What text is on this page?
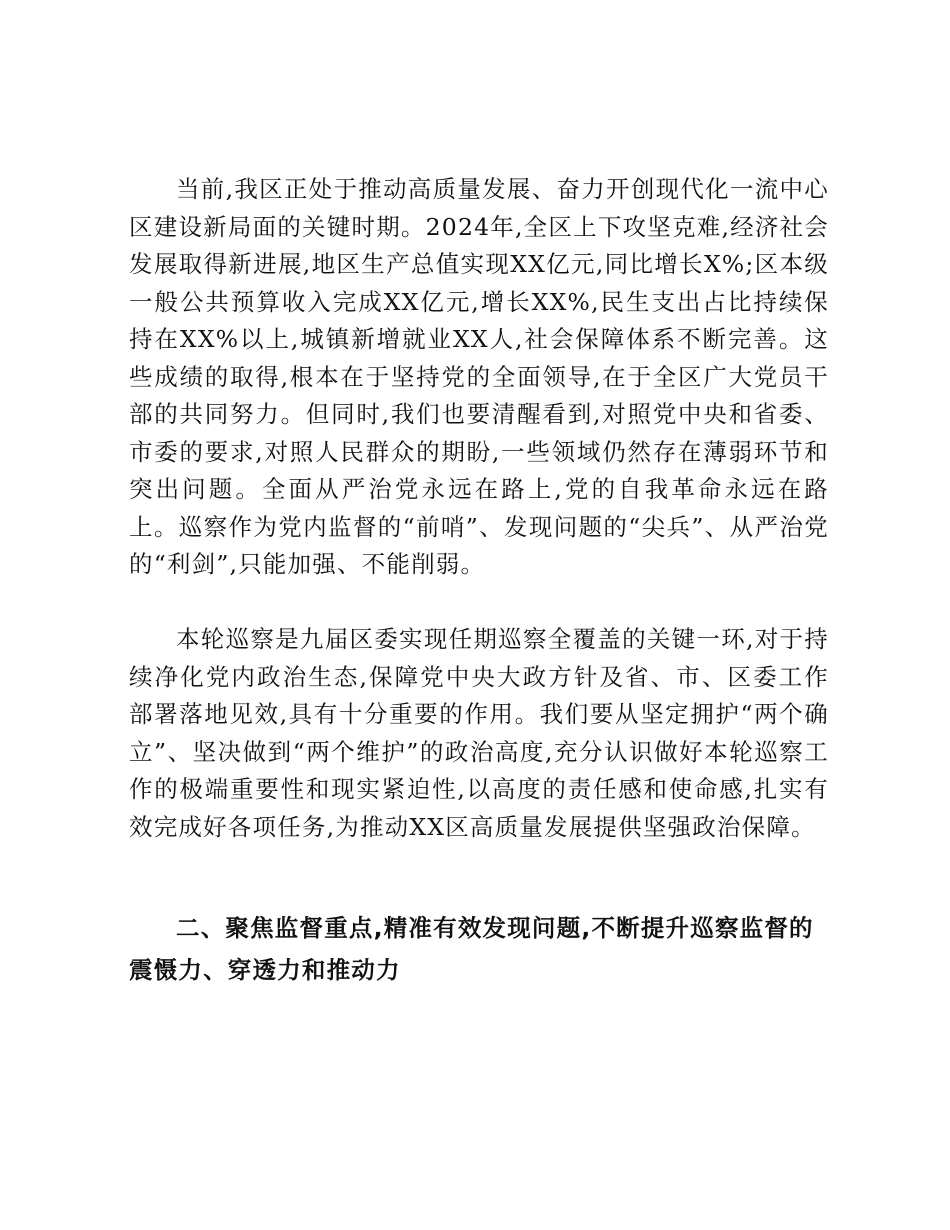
当前,我区正处于推动高质量发展、奋力开创现代化一流中心区建设新局面的关键时期。2024年,全区上下攻坚克难,经济社会发展取得新进展,地区生产总值实现XX亿元,同比增长X%;区本级一般公共预算收入完成XX亿元,增长XX%,民生支出占比持续保持在XX%以上,城镇新增就业XX人,社会保障体系不断完善。这些成绩的取得,根本在于坚持党的全面领导,在于全区广大党员干部的共同努力。但同时,我们也要清醒看到,对照党中央和省委、市委的要求,对照人民群众的期盼,一些领域仍然存在薄弱环节和突出问题。全面从严治党永远在路上,党的自我革命永远在路上。巡察作为党内监督的“前哨”、发现问题的“尖兵”、从严治党的“利剑”,只能加强、不能削弱。

本轮巡察是九届区委实现任期巡察全覆盖的关键一环,对于持续净化党内政治生态,保障党中央大政方针及省、市、区委工作部署落地见效,具有十分重要的作用。我们要从坚定拥护“两个确立”、坚决做到“两个维护”的政治高度,充分认识做好本轮巡察工作的极端重要性和现实紧迫性,以高度的责任感和使命感,扎实有效完成好各项任务,为推动XX区高质量发展提供坚强政治保障。

二、聚焦监督重点,精准有效发现问题,不断提升巡察监督的震慑力、穿透力和推动力
